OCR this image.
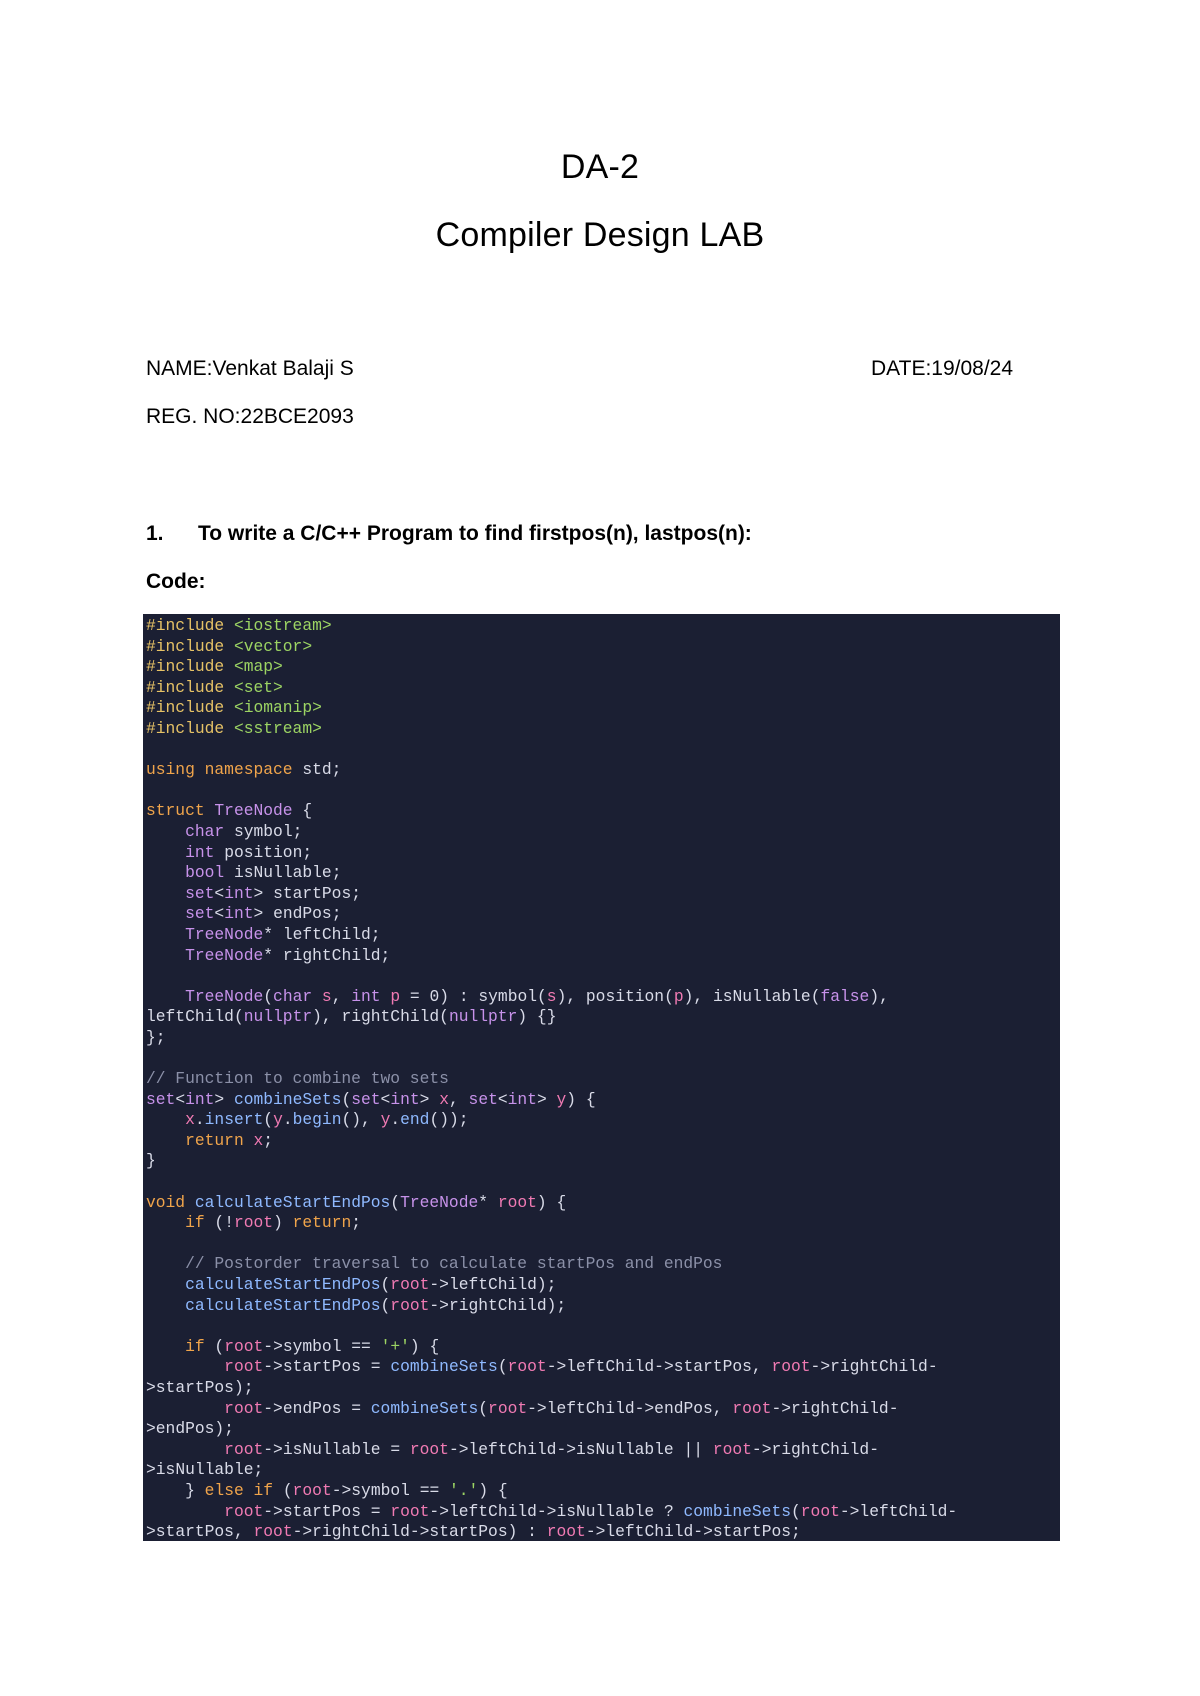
DA-2
Compiler Design LAB
NAME:Venkat Balaji S	DATE:19/08/24
REG. NO:22BCE2093
1. To write a C/C++ Program to find firstpos(n), lastpos(n):
Code:
#include <iostream>
#include <vector>
#include <map>
#include <set>
#include <iomanip>
#include <sstream>

using namespace std;

struct TreeNode {
char symbol;
int position;
bool isNullable;
set<int> startPos;
set<int> endPos;
TreeNode* leftChild;
TreeNode* rightChild;

TreeNode(char s, int p = 0) : symbol(s), position(p), isNullable(false),
leftChild(nullptr), rightChild(nullptr) {}
};

// Function to combine two sets
set<int> combineSets(set<int> x, set<int> y) {
x.insert(y.begin(), y.end());
return x;
}

void calculateStartEndPos(TreeNode* root) {
if (!root) return;

// Postorder traversal to calculate startPos and endPos
calculateStartEndPos(root->leftChild);
calculateStartEndPos(root->rightChild);

if (root->symbol == '+') {
root->startPos = combineSets(root->leftChild->startPos, root->rightChild-
>startPos);
root->endPos = combineSets(root->leftChild->endPos, root->rightChild-
>endPos);
root->isNullable = root->leftChild->isNullable || root->rightChild-
>isNullable;
} else if (root->symbol == '.') {
root->startPos = root->leftChild->isNullable ? combineSets(root->leftChild-
>startPos, root->rightChild->startPos) : root->leftChild->startPos;
